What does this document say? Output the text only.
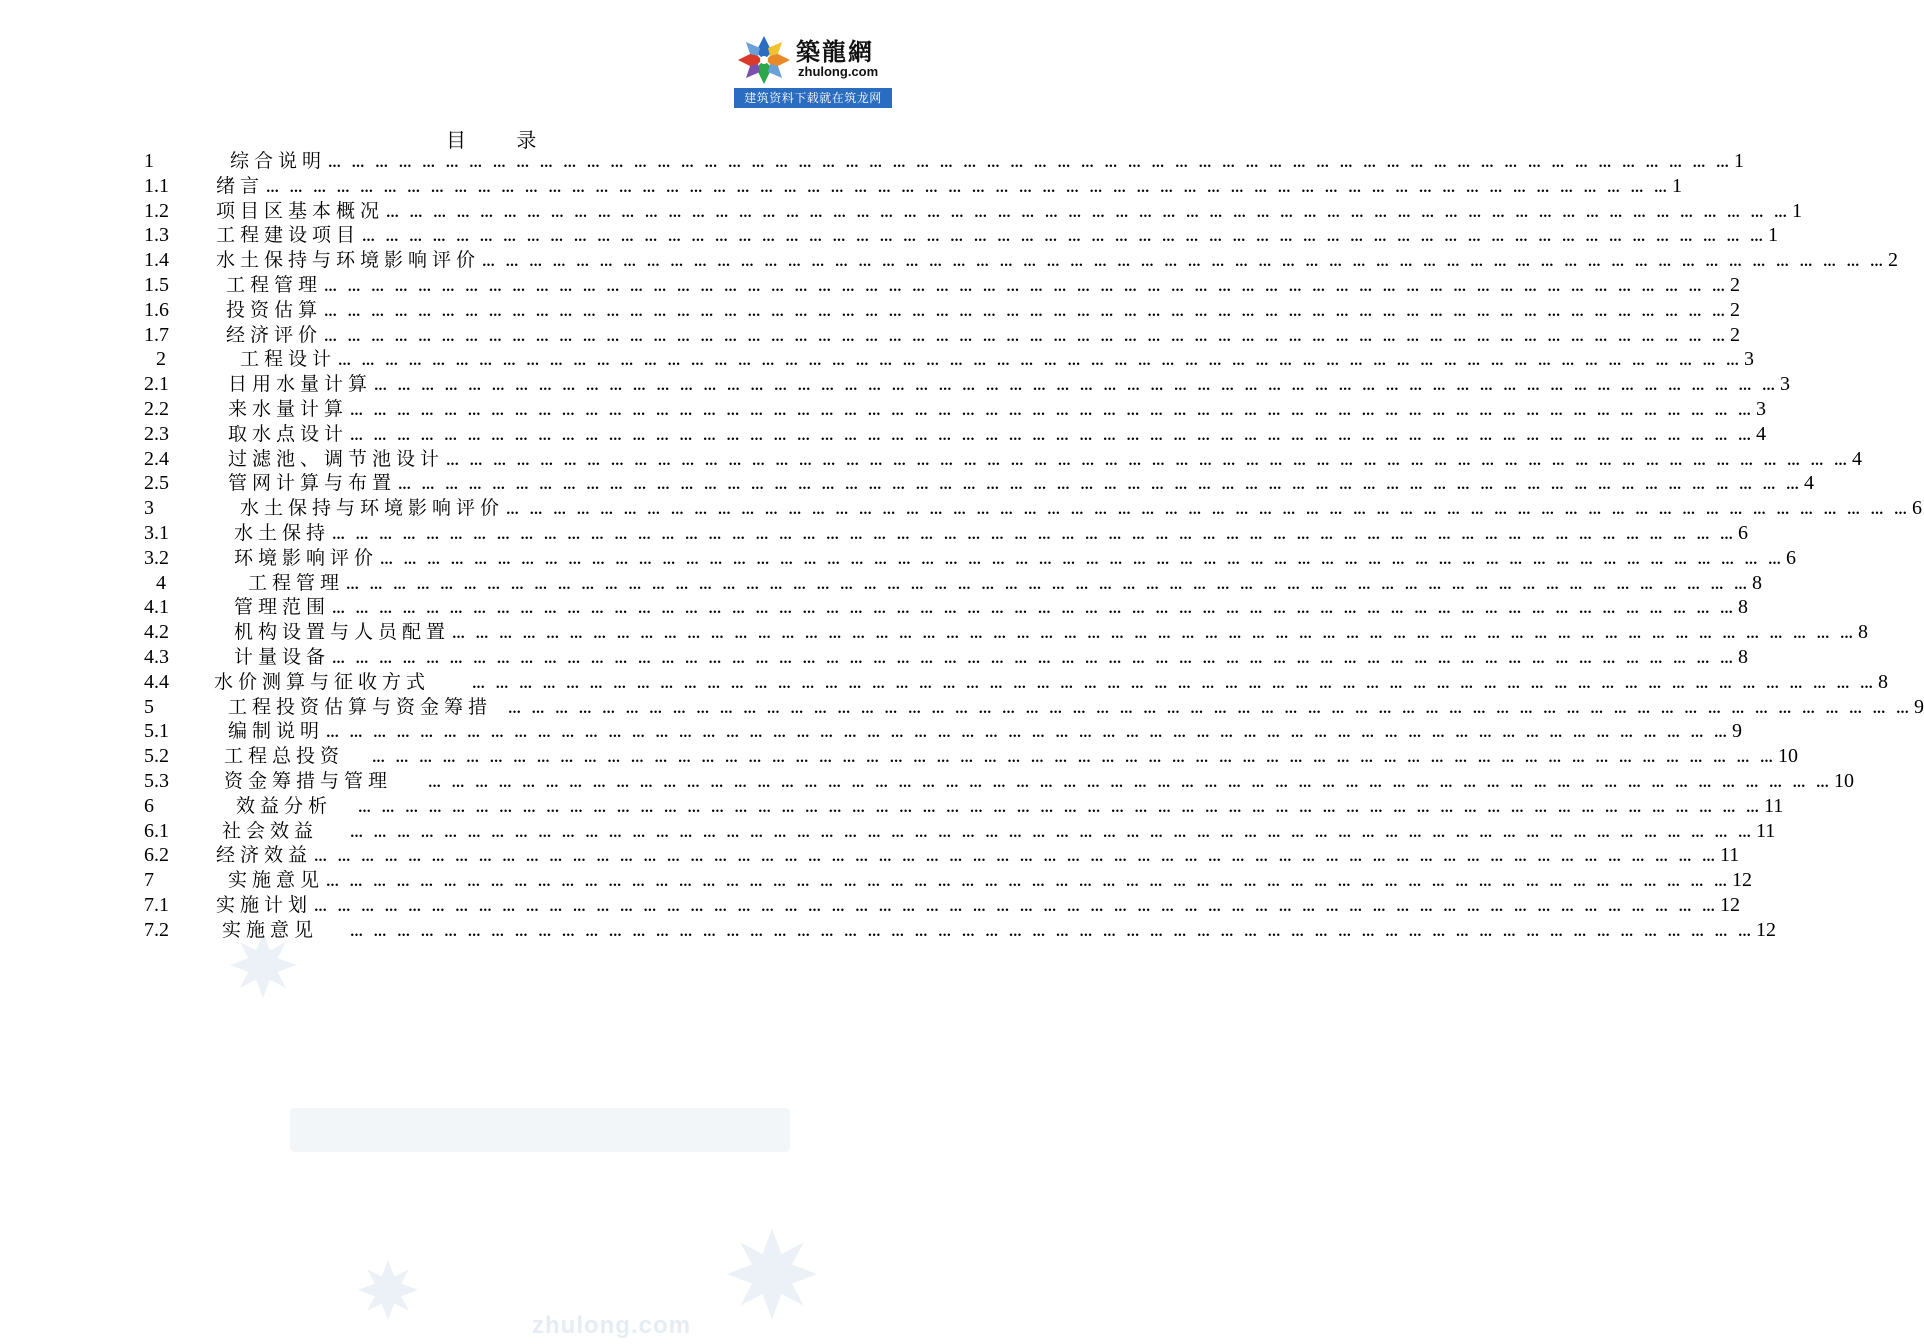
zhulong.com
築龍網
zhulong.com
建筑资料下载就在筑龙网
目 录
1	综合说明 … … … … … … … … … … … … … … … … … … … … … … … … … … … … … … … … … … … … … … … … … … … … … … … … … … … … … … … … … … … … 1
1.1 绪言 … … … … … … … … … … … … … … … … … … … … … … … … … … … … … … … … … … … … … … … … … … … … … … … … … … … … … … … … … … … … 1
1.2 项目区基本概况 … … … … … … … … … … … … … … … … … … … … … … … … … … … … … … … … … … … … … … … … … … … … … … … … … … … … … … … … … … … … 1
1.3 工程建设项目 … … … … … … … … … … … … … … … … … … … … … … … … … … … … … … … … … … … … … … … … … … … … … … … … … … … … … … … … … … … … 1
1.4 水土保持与环境影响评价 … … … … … … … … … … … … … … … … … … … … … … … … … … … … … … … … … … … … … … … … … … … … … … … … … … … … … … … … … … … … 2
1.5	工程管理 … … … … … … … … … … … … … … … … … … … … … … … … … … … … … … … … … … … … … … … … … … … … … … … … … … … … … … … … … … … … 2
1.6	投资估算 … … … … … … … … … … … … … … … … … … … … … … … … … … … … … … … … … … … … … … … … … … … … … … … … … … … … … … … … … … … … 2
1.7	经济评价 … … … … … … … … … … … … … … … … … … … … … … … … … … … … … … … … … … … … … … … … … … … … … … … … … … … … … … … … … … … … 2
2	工程设计 … … … … … … … … … … … … … … … … … … … … … … … … … … … … … … … … … … … … … … … … … … … … … … … … … … … … … … … … … … … … 3
2.1	日用水量计算 … … … … … … … … … … … … … … … … … … … … … … … … … … … … … … … … … … … … … … … … … … … … … … … … … … … … … … … … … … … … 3
2.2	来水量计算 … … … … … … … … … … … … … … … … … … … … … … … … … … … … … … … … … … … … … … … … … … … … … … … … … … … … … … … … … … … … 3
2.3	取水点设计 … … … … … … … … … … … … … … … … … … … … … … … … … … … … … … … … … … … … … … … … … … … … … … … … … … … … … … … … … … … … 4
2.4	过滤池、调节池设计 … … … … … … … … … … … … … … … … … … … … … … … … … … … … … … … … … … … … … … … … … … … … … … … … … … … … … … … … … … … … 4
2.5	管网计算与布置 … … … … … … … … … … … … … … … … … … … … … … … … … … … … … … … … … … … … … … … … … … … … … … … … … … … … … … … … … … … … 4
3	水土保持与环境影响评价 … … … … … … … … … … … … … … … … … … … … … … … … … … … … … … … … … … … … … … … … … … … … … … … … … … … … … … … … … … … … 6
3.1	水土保持 … … … … … … … … … … … … … … … … … … … … … … … … … … … … … … … … … … … … … … … … … … … … … … … … … … … … … … … … … … … … 6
3.2	环境影响评价 … … … … … … … … … … … … … … … … … … … … … … … … … … … … … … … … … … … … … … … … … … … … … … … … … … … … … … … … … … … … 6
4	工程管理 … … … … … … … … … … … … … … … … … … … … … … … … … … … … … … … … … … … … … … … … … … … … … … … … … … … … … … … … … … … … 8
4.1	管理范围 … … … … … … … … … … … … … … … … … … … … … … … … … … … … … … … … … … … … … … … … … … … … … … … … … … … … … … … … … … … … 8
4.2	机构设置与人员配置 … … … … … … … … … … … … … … … … … … … … … … … … … … … … … … … … … … … … … … … … … … … … … … … … … … … … … … … … … … … … 8
4.3	计量设备 … … … … … … … … … … … … … … … … … … … … … … … … … … … … … … … … … … … … … … … … … … … … … … … … … … … … … … … … … … … … 8
4.4 水价测算与征收方式	… … … … … … … … … … … … … … … … … … … … … … … … … … … … … … … … … … … … … … … … … … … … … … … … … … … … … … … … … … … … 8
5	工程投资估算与资金筹措	… … … … … … … … … … … … … … … … … … … … … … … … … … … … … … … … … … … … … … … … … … … … … … … … … … … … … … … … … … … … 9
5.1	编制说明 … … … … … … … … … … … … … … … … … … … … … … … … … … … … … … … … … … … … … … … … … … … … … … … … … … … … … … … … … … … … 9
5.2	工程总投资	… … … … … … … … … … … … … … … … … … … … … … … … … … … … … … … … … … … … … … … … … … … … … … … … … … … … … … … … … … … … 10
5.3	资金筹措与管理	… … … … … … … … … … … … … … … … … … … … … … … … … … … … … … … … … … … … … … … … … … … … … … … … … … … … … … … … … … … … 10
6	效益分析	… … … … … … … … … … … … … … … … … … … … … … … … … … … … … … … … … … … … … … … … … … … … … … … … … … … … … … … … … … … … 11
6.1	社会效益	… … … … … … … … … … … … … … … … … … … … … … … … … … … … … … … … … … … … … … … … … … … … … … … … … … … … … … … … … … … … 11
6.2 经济效益 … … … … … … … … … … … … … … … … … … … … … … … … … … … … … … … … … … … … … … … … … … … … … … … … … … … … … … … … … … … … 11
7	实施意见 … … … … … … … … … … … … … … … … … … … … … … … … … … … … … … … … … … … … … … … … … … … … … … … … … … … … … … … … … … … … 12
7.1 实施计划 … … … … … … … … … … … … … … … … … … … … … … … … … … … … … … … … … … … … … … … … … … … … … … … … … … … … … … … … … … … … 12
7.2	实施意见	… … … … … … … … … … … … … … … … … … … … … … … … … … … … … … … … … … … … … … … … … … … … … … … … … … … … … … … … … … … … 12
